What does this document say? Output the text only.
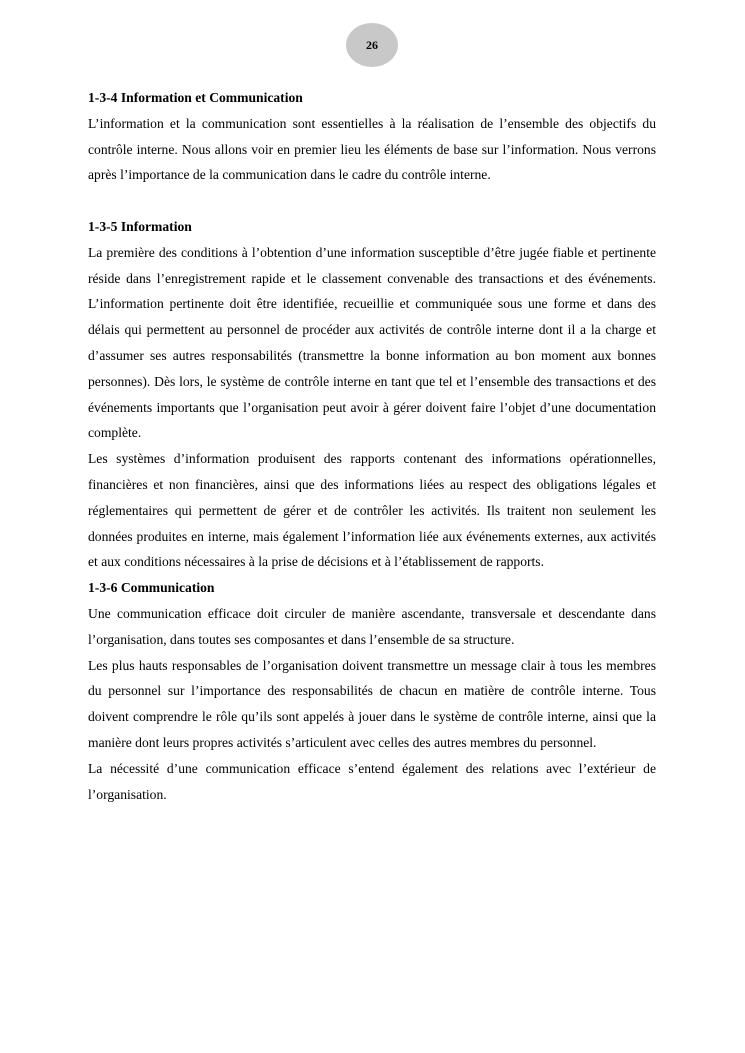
26
1-3-4 Information et Communication

L’information et la communication sont essentielles à la réalisation de l’ensemble des objectifs du contrôle interne. Nous allons voir en premier lieu les éléments de base sur l’information. Nous verrons après l’importance de la communication dans le cadre du contrôle interne.

1-3-5 Information

La première des conditions à l’obtention d’une information susceptible d’être jugée fiable et pertinente réside dans l’enregistrement rapide et le classement convenable des transactions et des événements. L’information pertinente doit être identifiée, recueillie et communiquée sous une forme et dans des délais qui permettent au personnel de procéder aux activités de contrôle interne dont il a la charge et d’assumer ses autres responsabilités (transmettre la bonne information au bon moment aux bonnes personnes). Dès lors, le système de contrôle interne en tant que tel et l’ensemble des transactions et des événements importants que l’organisation peut avoir à gérer doivent faire l’objet d’une documentation complète.

Les systèmes d’information produisent des rapports contenant des informations opérationnelles, financières et non financières, ainsi que des informations liées au respect des obligations légales et réglementaires qui permettent de gérer et de contrôler les activités. Ils traitent non seulement les données produites en interne, mais également l’information liée aux événements externes, aux activités et aux conditions nécessaires à la prise de décisions et à l’établissement de rapports.

1-3-6 Communication

Une communication efficace doit circuler de manière ascendante, transversale et descendante dans l’organisation, dans toutes ses composantes et dans l’ensemble de sa structure.

Les plus hauts responsables de l’organisation doivent transmettre un message clair à tous les membres du personnel sur l’importance des responsabilités de chacun en matière de contrôle interne. Tous doivent comprendre le rôle qu’ils sont appelés à jouer dans le système de contrôle interne, ainsi que la manière dont leurs propres activités s’articulent avec celles des autres membres du personnel.

La nécessité d’une communication efficace s’entend également des relations avec l’extérieur de l’organisation.
